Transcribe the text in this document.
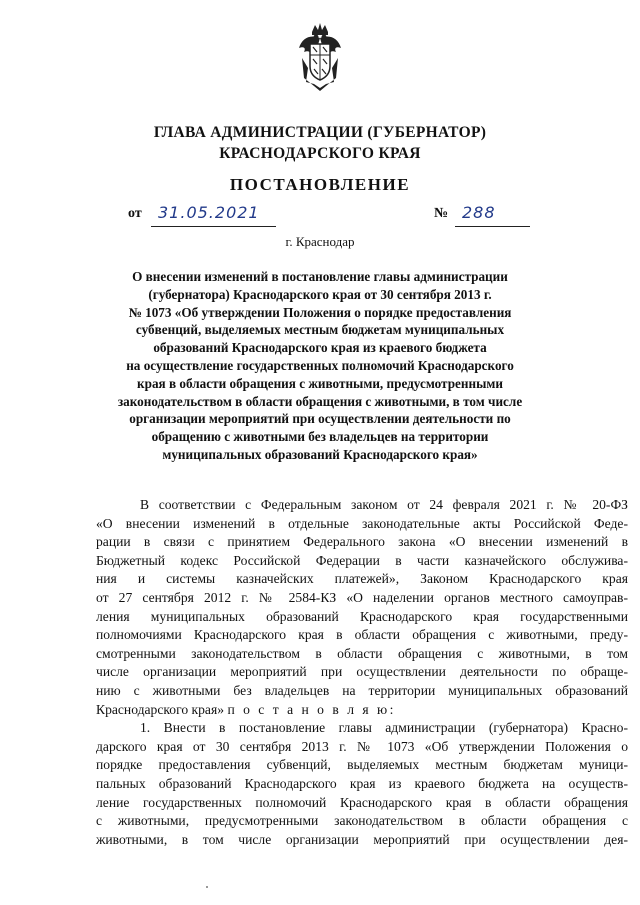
ГЛАВА АДМИНИСТРАЦИИ (ГУБЕРНАТОР)
КРАСНОДАРСКОГО КРАЯ
ПОСТАНОВЛЕНИЕ
от 31.05.2021	№ 288
г. Краснодар
О внесении изменений в постановление главы администрации
(губернатора) Краснодарского края от 30 сентября 2013 г.
№ 1073 «Об утверждении Положения о порядке предоставления
субвенций, выделяемых местным бюджетам муниципальных
образований Краснодарского края из краевого бюджета
на осуществление государственных полномочий Краснодарского
края в области обращения с животными, предусмотренными
законодательством в области обращения с животными, в том числе
организации мероприятий при осуществлении деятельности по
обращению с животными без владельцев на территории
муниципальных образований Краснодарского края»
В соответствии с Федеральным законом от 24 февраля 2021 г. № 20-ФЗ
«О внесении изменений в отдельные законодательные акты Российской Феде-
рации в связи с принятием Федерального закона «О внесении изменений в
Бюджетный кодекс Российской Федерации в части казначейского обслужива-
ния и системы казначейских платежей», Законом Краснодарского края
от 27 сентября 2012 г. № 2584-КЗ «О наделении органов местного самоуправ-
ления муниципальных образований Краснодарского края государственными
полномочиями Краснодарского края в области обращения с животными, преду-
смотренными законодательством в области обращения с животными, в том
числе организации мероприятий при осуществлении деятельности по обраще-
нию с животными без владельцев на территории муниципальных образований
Краснодарского края» п о с т а н о в л я ю:
1. Внести в постановление главы администрации (губернатора) Красно-
дарского края от 30 сентября 2013 г. № 1073 «Об утверждении Положения о
порядке предоставления субвенций, выделяемых местным бюджетам муници-
пальных образований Краснодарского края из краевого бюджета на осуществ-
ление государственных полномочий Краснодарского края в области обращения
с животными, предусмотренными законодательством в области обращения с
животными, в том числе организации мероприятий при осуществлении дея-
